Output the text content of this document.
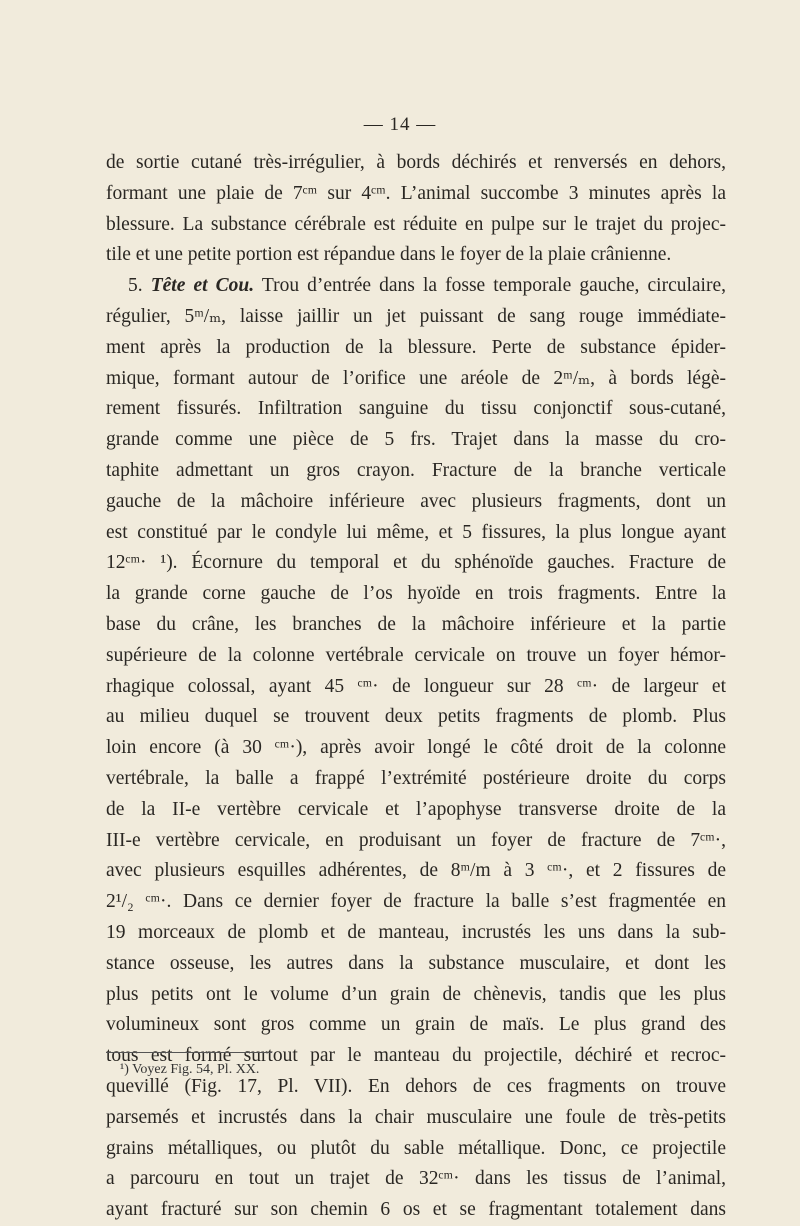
— 14 —
de sortie cutané très-irrégulier, à bords déchirés et renversés en dehors,
formant une plaie de 7ᶜᵐ sur 4ᶜᵐ. L’animal succombe 3 minutes après la
blessure. La substance cérébrale est réduite en pulpe sur le trajet du projec-
tile et une petite portion est répandue dans le foyer de la plaie crânienne.
5. Tête et Cou. Trou d’entrée dans la fosse temporale gauche, circulaire,
régulier, 5ᵐ/ₘ, laisse jaillir un jet puissant de sang rouge immédiate-
ment après la production de la blessure. Perte de substance épider-
mique, formant autour de l’orifice une aréole de 2ᵐ/ₘ, à bords légè-
rement fissurés. Infiltration sanguine du tissu conjonctif sous-cutané,
grande comme une pièce de 5 frs. Trajet dans la masse du cro-
taphite admettant un gros crayon. Fracture de la branche verticale
gauche de la mâchoire inférieure avec plusieurs fragments, dont un
est constitué par le condyle lui même, et 5 fissures, la plus longue ayant
12ᶜᵐ· ¹). Écornure du temporal et du sphénoïde gauches. Fracture de
la grande corne gauche de l’os hyoïde en trois fragments. Entre la
base du crâne, les branches de la mâchoire inférieure et la partie
supérieure de la colonne vertébrale cervicale on trouve un foyer hémor-
rhagique colossal, ayant 45 ᶜᵐ· de longueur sur 28 ᶜᵐ· de largeur et
au milieu duquel se trouvent deux petits fragments de plomb. Plus
loin encore (à 30 ᶜᵐ·), après avoir longé le côté droit de la colonne
vertébrale, la balle a frappé l’extrémité postérieure droite du corps
de la II-e vertèbre cervicale et l’apophyse transverse droite de la
III-e vertèbre cervicale, en produisant un foyer de fracture de 7ᶜᵐ·,
avec plusieurs esquilles adhérentes, de 8ᵐ/m à 3 ᶜᵐ·, et 2 fissures de
2¹/₂ ᶜᵐ·. Dans ce dernier foyer de fracture la balle s’est fragmentée en
19 morceaux de plomb et de manteau, incrustés les uns dans la sub-
stance osseuse, les autres dans la substance musculaire, et dont les
plus petits ont le volume d’un grain de chènevis, tandis que les plus
volumineux sont gros comme un grain de maïs. Le plus grand des
tous est formé surtout par le manteau du projectile, déchiré et recroc-
quevillé (Fig. 17, Pl. VII). En dehors de ces fragments on trouve
parsemés et incrustés dans la chair musculaire une foule de très-petits
grains métalliques, ou plutôt du sable métallique. Donc, ce projectile
a parcouru en tout un trajet de 32ᶜᵐ· dans les tissus de l’animal,
ayant fracturé sur son chemin 6 os et se fragmentant totalement dans
¹) Voyez Fig. 54, Pl. XX.
